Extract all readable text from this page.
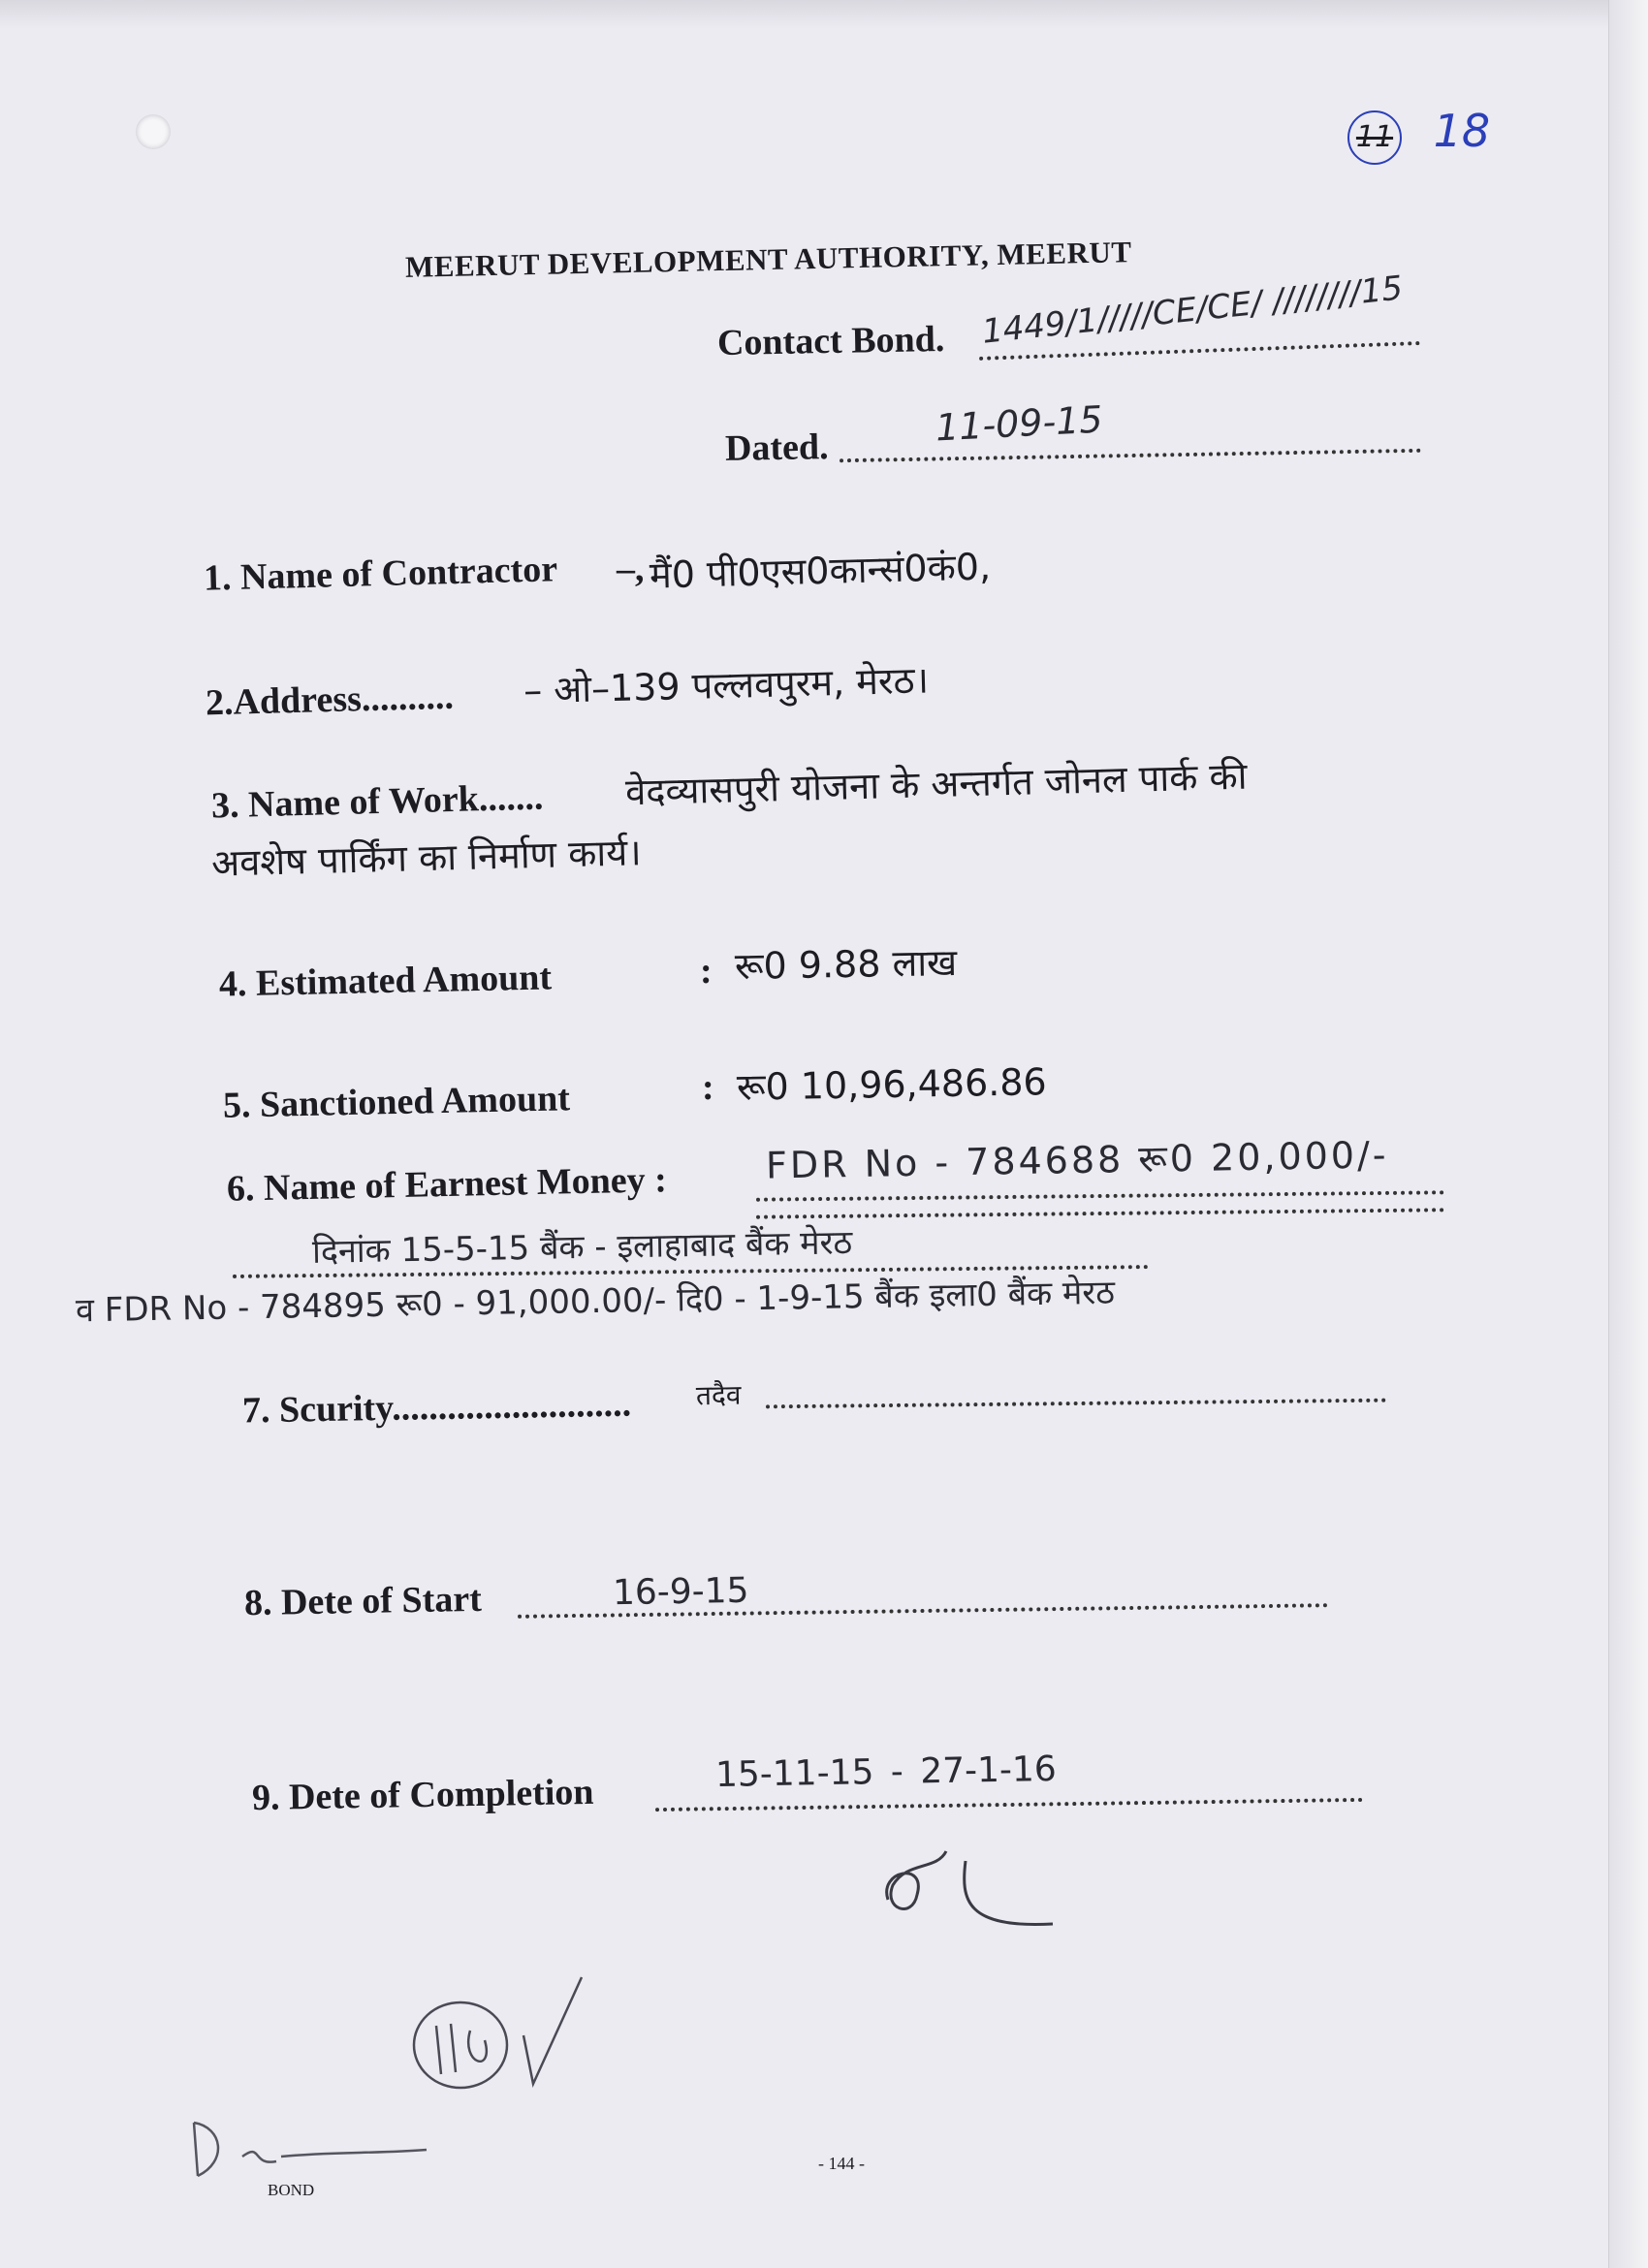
11 18
MEERUT DEVELOPMENT AUTHORITY, MEERUT
Contact Bond. 1449/1/////CE/CE/ ////////15
Dated.	11-09-15
1. Name of Contractor –, मैं0 पी0एस0कान्सं0कं0,
2.Address.......... – ओ–139 पल्लवपुरम, मेरठ।
3. Name of Work....... वेदव्यासपुरी योजना के अन्तर्गत जोनल पार्क की
अवशेष पार्किंग का निर्माण कार्य।
4. Estimated Amount	: रू0 9.88 लाख
5. Sanctioned Amount	: रू0 10,96,486.86
6. Name of Earnest Money :	FDR No - 784688 रू0 20,000/-
दिनांक 15-5-15 बैंक - इलाहाबाद बैंक मेरठ
व FDR No - 784895 रू0 - 91,000.00/- दि0 - 1-9-15 बैंक इला0 बैंक मेरठ
7. Scurity.......................... तदैव
8. Dete of Start	16-9-15
9. Dete of Completion	15-11-15 - 27-1-16
- 144 -
BOND
